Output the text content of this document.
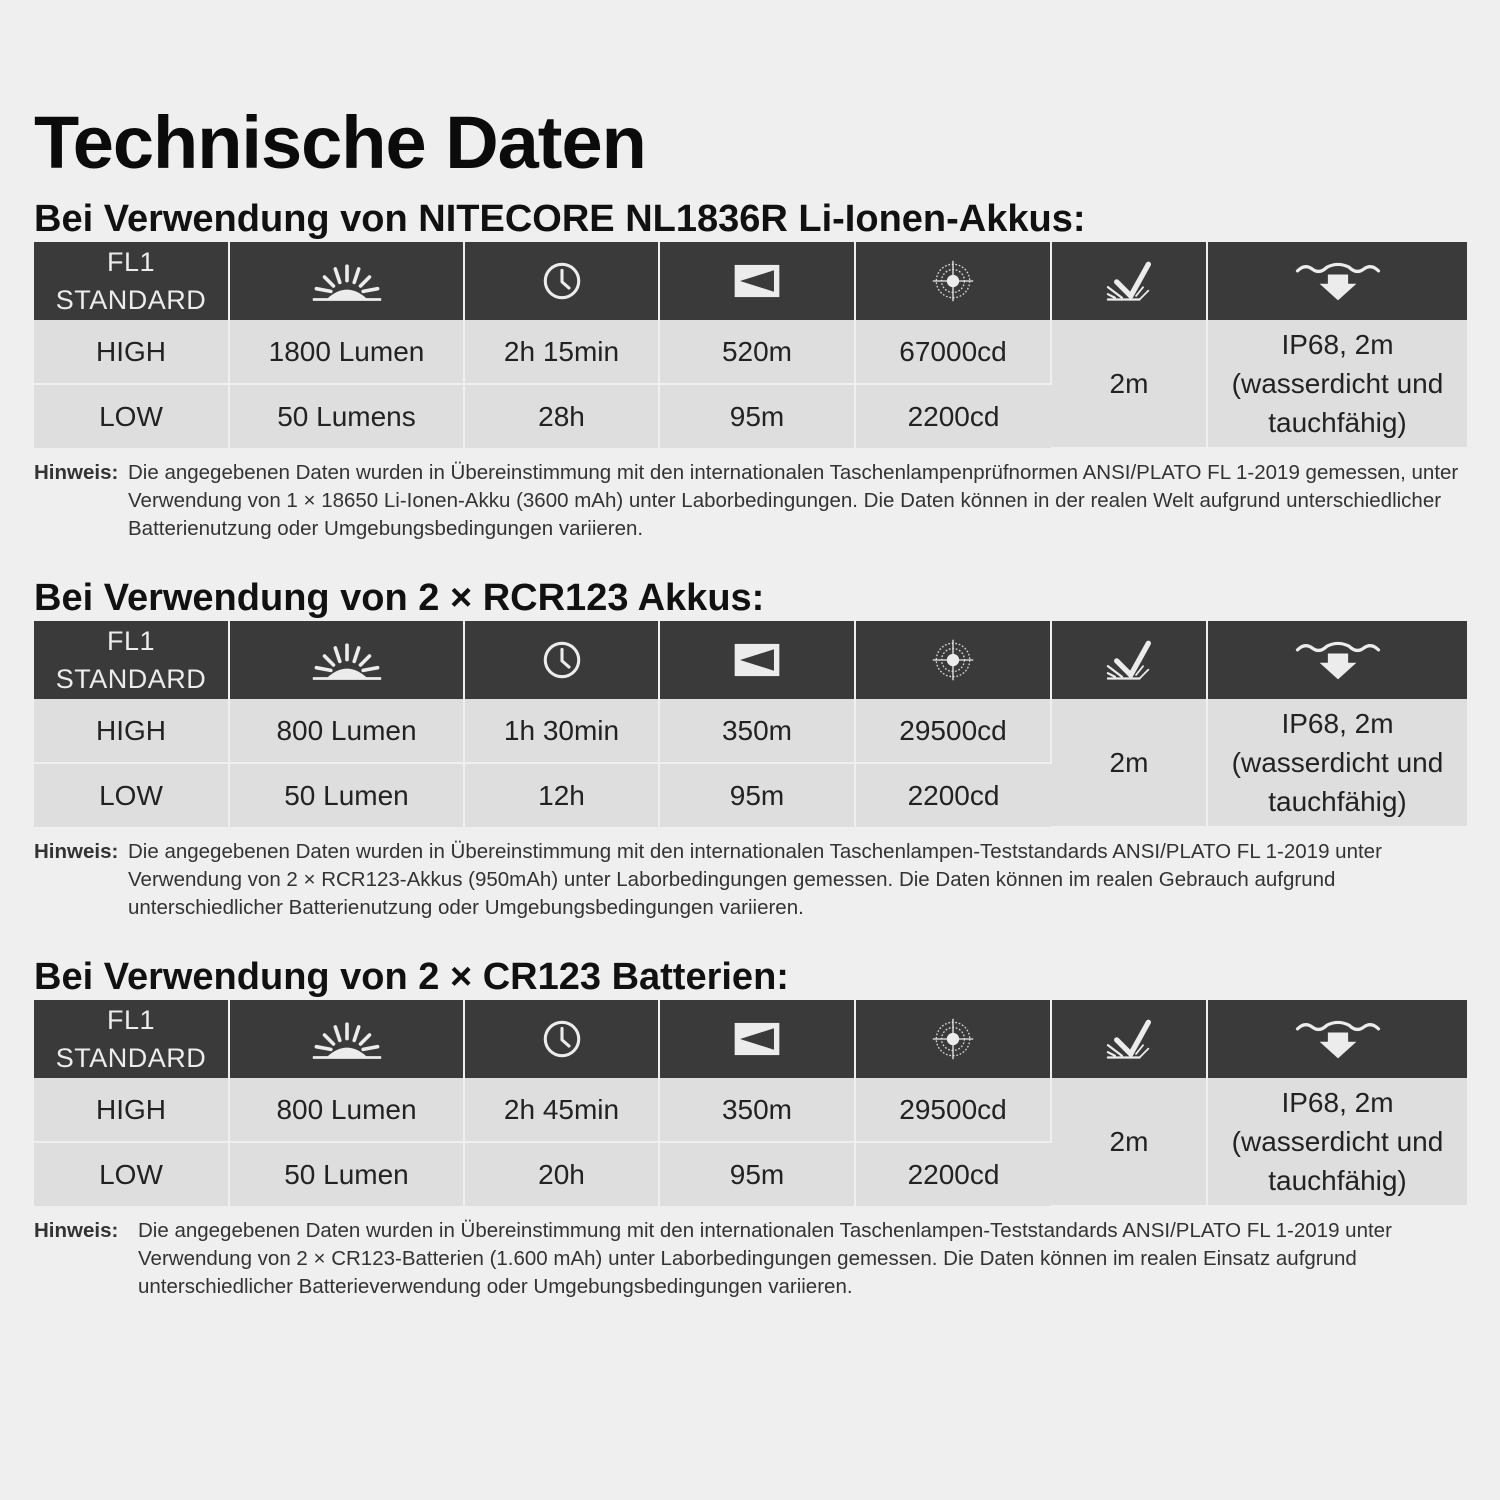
Technische Daten
Bei Verwendung von NITECORE NL1836R Li-Ionen-Akkus:
FL1
STANDARD

HIGH	1800 Lumen	2h 15min	520m	67000cd	2m	IP68, 2m
(wasserdicht und
tauchfähig)
LOW	50 Lumens	28h	95m	2200cd		
Hinweis: Die angegebenen Daten wurden in Übereinstimmung mit den internationalen Taschenlampenprüfnormen ANSI/PLATO FL 1-2019 gemessen, unter Verwendung von 1 × 18650 Li-Ionen-Akku (3600 mAh) unter Laborbedingungen. Die Daten können in der realen Welt aufgrund unterschiedlicher Batterienutzung oder Umgebungsbedingungen variieren.
Bei Verwendung von 2 × RCR123 Akkus:
FL1
STANDARD

HIGH	800 Lumen	1h 30min	350m	29500cd	2m	IP68, 2m
(wasserdicht und
tauchfähig)
LOW	50 Lumen	12h	95m	2200cd		
Hinweis: Die angegebenen Daten wurden in Übereinstimmung mit den internationalen Taschenlampen-Teststandards ANSI/PLATO FL 1-2019 unter Verwendung von 2 × RCR123-Akkus (950mAh) unter Laborbedingungen gemessen. Die Daten können im realen Gebrauch aufgrund unterschiedlicher Batterienutzung oder Umgebungsbedingungen variieren.
Bei Verwendung von 2 × CR123 Batterien:
FL1
STANDARD

HIGH	800 Lumen	2h 45min	350m	29500cd	2m	IP68, 2m
(wasserdicht und
tauchfähig)
LOW	50 Lumen	20h	95m	2200cd		
Hinweis: Die angegebenen Daten wurden in Übereinstimmung mit den internationalen Taschenlampen-Teststandards ANSI/PLATO FL 1-2019 unter Verwendung von 2 × CR123-Batterien (1.600 mAh) unter Laborbedingungen gemessen. Die Daten können im realen Einsatz aufgrund unterschiedlicher Batterieverwendung oder Umgebungsbedingungen variieren.
